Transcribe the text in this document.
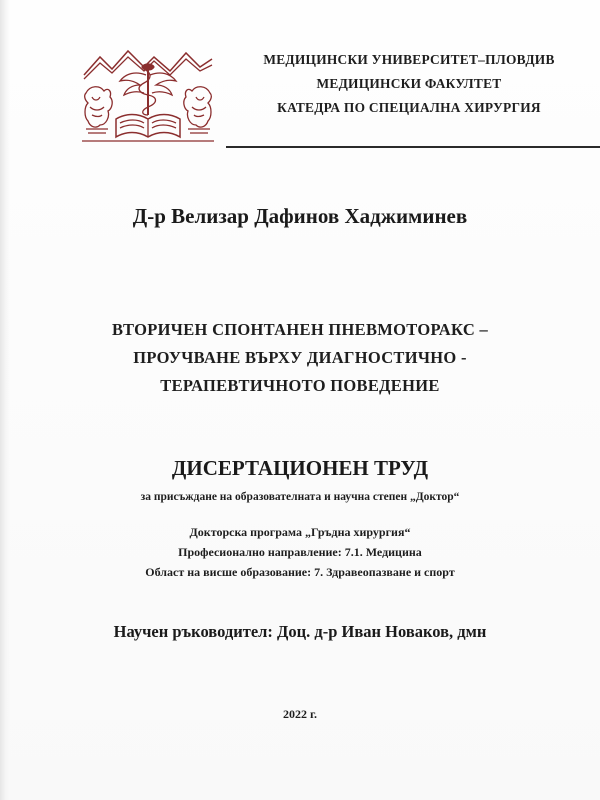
МЕДИЦИНСКИ УНИВЕРСИТЕТ–ПЛОВДИВ
МЕДИЦИНСКИ ФАКУЛТЕТ
КАТЕДРА ПО СПЕЦИАЛНА ХИРУРГИЯ
Д-р Велизар Дафинов Хаджиминев
ВТОРИЧЕН СПОНТАНЕН ПНЕВМОТОРАКС –
ПРОУЧВАНЕ ВЪРХУ ДИАГНОСТИЧНО -
ТЕРАПЕВТИЧНОТО ПОВЕДЕНИЕ
ДИСЕРТАЦИОНЕН ТРУД
за присъждане на образователната и научна степен „Доктор“
Докторска програма „Гръдна хирургия“
Професионално направление: 7.1. Медицина
Област на висше образование: 7. Здравеопазване и спорт
Научен ръководител: Доц. д-р Иван Новаков, дмн
2022 г.
